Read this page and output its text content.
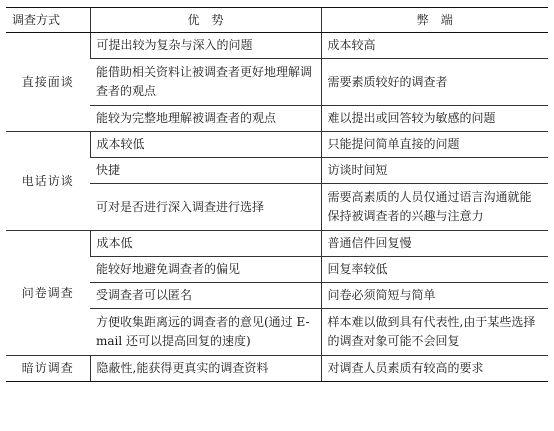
调查方式	优　势	弊　端
直接面谈	可提出较为复杂与深入的问题	成本较高
	能借助相关资料让被调查者更好地理解调查者的观点	需要素质较好的调查者
	能较为完整地理解被调查者的观点	难以提出或回答较为敏感的问题
电话访谈	成本较低	只能提问简单直接的问题
	快捷	访谈时间短
	可对是否进行深入调查进行选择	需要高素质的人员仅通过语言沟通就能保持被调查者的兴趣与注意力
问卷调查	成本低	普通信件回复慢
	能较好地避免调查者的偏见	回复率较低
	受调查者可以匿名	问卷必须简短与简单
	方便收集距离远的调查者的意见(通过 E-mail 还可以提高回复的速度)	样本难以做到具有代表性,由于某些选择的调查对象可能不会回复
暗访调查	隐蔽性,能获得更真实的调查资料	对调查人员素质有较高的要求
